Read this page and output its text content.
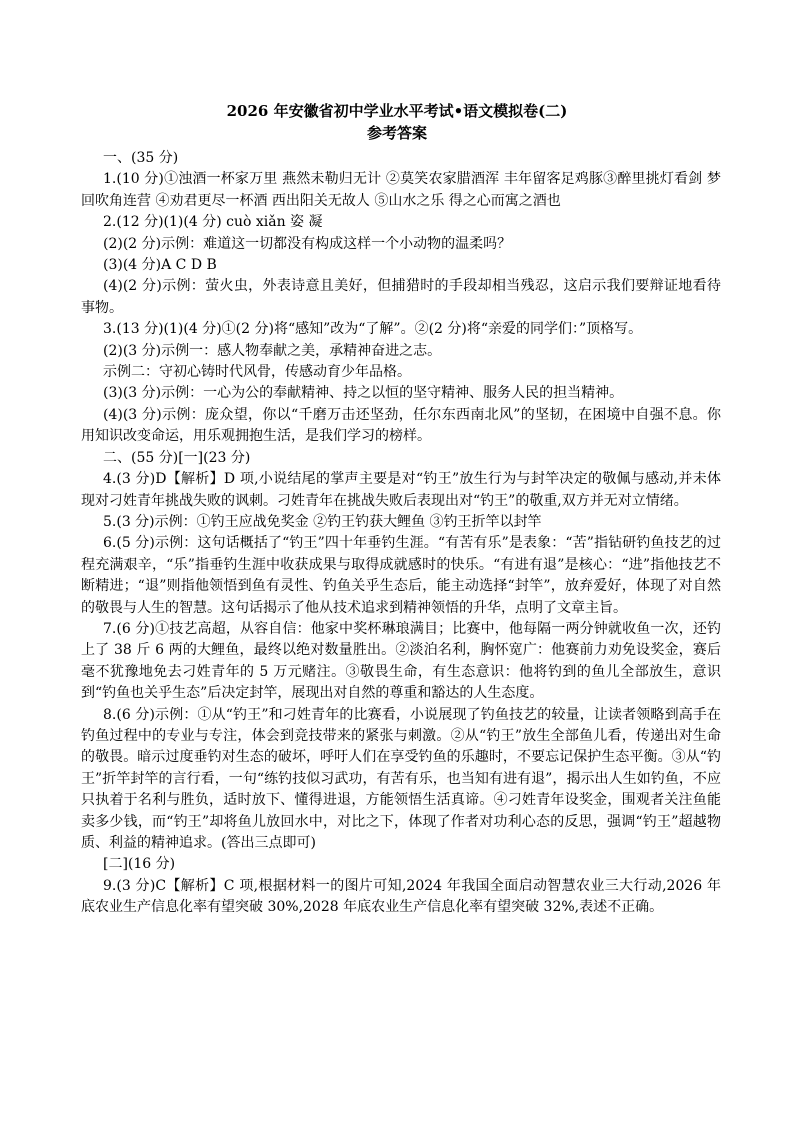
2026 年安徽省初中学业水平考试•语文模拟卷(二)
参考答案

一、(35 分)

1.(10 分)①浊酒一杯家万里 燕然未勒归无计 ②莫笑农家腊酒浑 丰年留客足鸡豚③醉里挑灯看剑 梦回吹角连营 ④劝君更尽一杯酒 西出阳关无故人 ⑤山水之乐 得之心而寓之酒也

2.(12 分)(1)(4 分) cuò xiǎn 姿 凝

(2)(2 分)示例：难道这一切都没有构成这样一个小动物的温柔吗？

(3)(4 分)A C D B

(4)(2 分)示例：萤火虫，外表诗意且美好，但捕猎时的手段却相当残忍，这启示我们要辩证地看待事物。

3.(13 分)(1)(4 分)①(2 分)将“感知”改为“了解”。②(2 分)将“亲爱的同学们：”顶格写。

(2)(3 分)示例一：感人物奉献之美，承精神奋进之志。

示例二：守初心铸时代风骨，传感动育少年品格。

(3)(3 分)示例：一心为公的奉献精神、持之以恒的坚守精神、服务人民的担当精神。

(4)(3 分)示例：庞众望，你以“千磨万击还坚劲，任尔东西南北风”的坚韧，在困境中自强不息。你用知识改变命运，用乐观拥抱生活，是我们学习的榜样。

二、(55 分)[一](23 分)

4.(3 分)D【解析】D 项,小说结尾的掌声主要是对“钓王”放生行为与封竿决定的敬佩与感动,并未体现对刁姓青年挑战失败的讽刺。刁姓青年在挑战失败后表现出对“钓王”的敬重,双方并无对立情绪。

5.(3 分)示例：①钓王应战免奖金 ②钓王钓获大鲤鱼 ③钓王折竿以封竿

6.(5 分)示例：这句话概括了“钓王”四十年垂钓生涯。“有苦有乐”是表象：“苦”指钻研钓鱼技艺的过程充满艰辛，“乐”指垂钓生涯中收获成果与取得成就感时的快乐。“有进有退”是核心：“进”指他技艺不断精进；“退”则指他领悟到鱼有灵性、钓鱼关乎生态后，能主动选择“封竿”，放弃爱好，体现了对自然的敬畏与人生的智慧。这句话揭示了他从技术追求到精神领悟的升华，点明了文章主旨。

7.(6 分)①技艺高超，从容自信：他家中奖杯琳琅满目；比赛中，他每隔一两分钟就收鱼一次，还钓上了 38 斤 6 两的大鲤鱼，最终以绝对数量胜出。②淡泊名利，胸怀宽广：他赛前力劝免设奖金，赛后毫不犹豫地免去刁姓青年的 5 万元赌注。③敬畏生命，有生态意识：他将钓到的鱼儿全部放生，意识到“钓鱼也关乎生态”后决定封竿，展现出对自然的尊重和豁达的人生态度。

8.(6 分)示例：①从“钓王”和刁姓青年的比赛看，小说展现了钓鱼技艺的较量，让读者领略到高手在钓鱼过程中的专业与专注，体会到竞技带来的紧张与刺激。②从“钓王”放生全部鱼儿看，传递出对生命的敬畏。暗示过度垂钓对生态的破坏，呼吁人们在享受钓鱼的乐趣时，不要忘记保护生态平衡。③从“钓王”折竿封竿的言行看，一句“练钓技似习武功，有苦有乐，也当知有进有退”，揭示出人生如钓鱼，不应只执着于名利与胜负，适时放下、懂得进退，方能领悟生活真谛。④刁姓青年设奖金，围观者关注鱼能卖多少钱，而“钓王”却将鱼儿放回水中，对比之下，体现了作者对功利心态的反思，强调“钓王”超越物质、利益的精神追求。(答出三点即可)

[二](16 分)

9.(3 分)C【解析】C 项,根据材料一的图片可知,2024 年我国全面启动智慧农业三大行动,2026 年底农业生产信息化率有望突破 30%,2028 年底农业生产信息化率有望突破 32%,表述不正确。
